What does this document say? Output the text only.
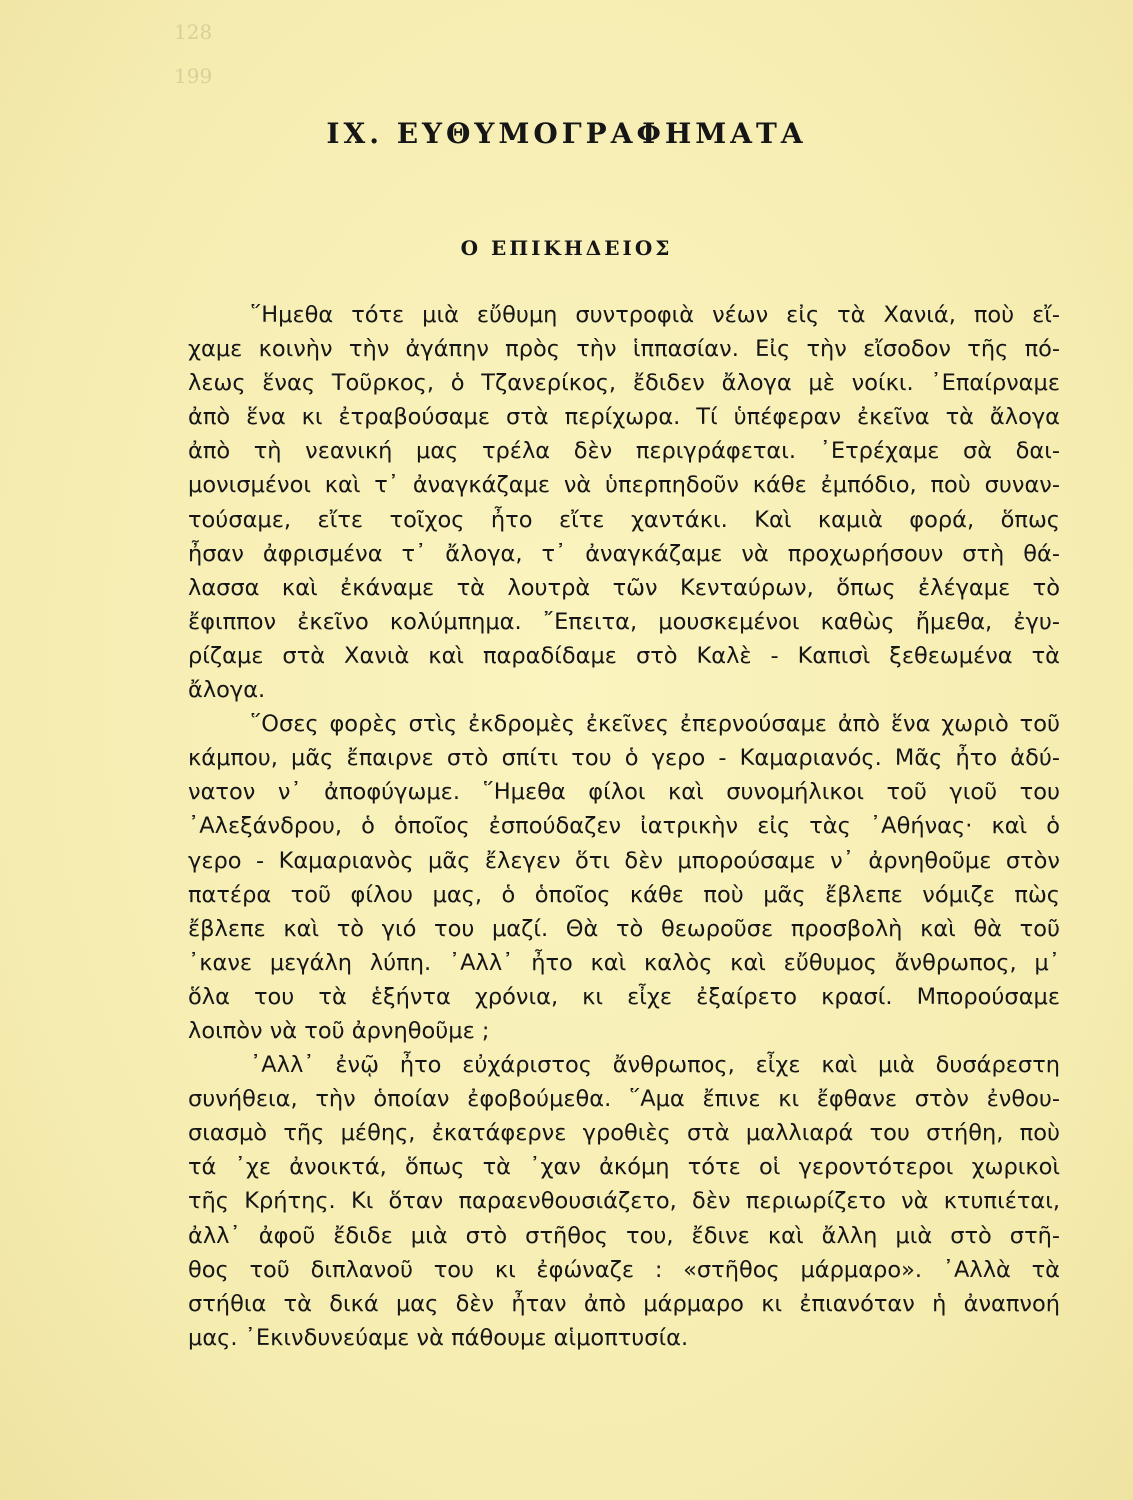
128
199
IX. ΕΥΘΥΜΟΓΡΑΦΗΜΑΤΑ
Ο ΕΠΙΚΗΔΕΙΟΣ
῞Ημεθα τότε μιὰ εὔθυμη συντροφιὰ νέων εἰς τὰ Χανιά, ποὺ εἴ-
χαμε κοινὴν τὴν ἀγάπην πρὸς τὴν ἱππασίαν. Εἰς τὴν εἴσοδον τῆς πό-
λεως ἕνας Τοῦρκος, ὁ Τζανερίκος, ἔδιδεν ἄλογα μὲ νοίκι. ᾿Επαίρναμε
ἀπὸ ἕνα κι ἐτραβούσαμε στὰ περίχωρα. Τί ὑπέφεραν ἐκεῖνα τὰ ἄλογα
ἀπὸ τὴ νεανική μας τρέλα δὲν περιγράφεται. ᾿Ετρέχαμε σὰ δαι-
μονισμένοι καὶ τ᾿ ἀναγκάζαμε νὰ ὑπερπηδοῦν κάθε ἐμπόδιο, ποὺ συναν-
τούσαμε, εἴτε τοῖχος ἦτο εἴτε χαντάκι. Καὶ καμιὰ φορά, ὅπως
ἦσαν ἀφρισμένα τ᾿ ἄλογα, τ᾿ ἀναγκάζαμε νὰ προχωρήσουν στὴ θά-
λασσα καὶ ἐκάναμε τὰ λουτρὰ τῶν Κενταύρων, ὅπως ἐλέγαμε τὸ
ἔφιππον ἐκεῖνο κολύμπημα. ῎Επειτα, μουσκεμένοι καθὼς ἤμεθα, ἐγυ-
ρίζαμε στὰ Χανιὰ καὶ παραδίδαμε στὸ Καλὲ - Καπισὶ ξεθεωμένα τὰ
ἄλογα.
῞Οσες φορὲς στὶς ἐκδρομὲς ἐκεῖνες ἐπερνούσαμε ἀπὸ ἕνα χωριὸ τοῦ
κάμπου, μᾶς ἔπαιρνε στὸ σπίτι του ὁ γερο - Καμαριανός. Μᾶς ἦτο ἀδύ-
νατον ν᾿ ἀποφύγωμε. ῞Ημεθα φίλοι καὶ συνομήλικοι τοῦ γιοῦ του
᾿Αλεξάνδρου, ὁ ὁποῖος ἐσπούδαζεν ἰατρικὴν εἰς τὰς ᾿Αθήνας· καὶ ὁ
γερο - Καμαριανὸς μᾶς ἔλεγεν ὅτι δὲν μπορούσαμε ν᾿ ἀρνηθοῦμε στὸν
πατέρα τοῦ φίλου μας, ὁ ὁποῖος κάθε ποὺ μᾶς ἔβλεπε νόμιζε πὼς
ἔβλεπε καὶ τὸ γιό του μαζί. Θὰ τὸ θεωροῦσε προσβολὴ καὶ θὰ τοῦ
᾿κανε μεγάλη λύπη. ᾿Αλλ᾿ ἦτο καὶ καλὸς καὶ εὔθυμος ἄνθρωπος, μ᾿
ὅλα του τὰ ἑξήντα χρόνια, κι εἶχε ἐξαίρετο κρασί. Μπορούσαμε
λοιπὸν νὰ τοῦ ἀρνηθοῦμε ;
᾿Αλλ᾿ ἐνῷ ἦτο εὐχάριστος ἄνθρωπος, εἶχε καὶ μιὰ δυσάρεστη
συνήθεια, τὴν ὁποίαν ἐφοβούμεθα. ῞Αμα ἔπινε κι ἔφθανε στὸν ἐνθου-
σιασμὸ τῆς μέθης, ἐκατάφερνε γροθιὲς στὰ μαλλιαρά του στήθη, ποὺ
τά ᾿χε ἀνοικτά, ὅπως τὰ ᾿χαν ἀκόμη τότε οἱ γεροντότεροι χωρικοὶ
τῆς Κρήτης. Κι ὅταν παραενθουσιάζετο, δὲν περιωρίζετο νὰ κτυπιέται,
ἀλλ᾿ ἀφοῦ ἔδιδε μιὰ στὸ στῆθος του, ἔδινε καὶ ἄλλη μιὰ στὸ στῆ-
θος τοῦ διπλανοῦ του κι ἐφώναζε : «στῆθος μάρμαρο». ᾿Αλλὰ τὰ
στήθια τὰ δικά μας δὲν ἦταν ἀπὸ μάρμαρο κι ἐπιανόταν ἡ ἀναπνοή
μας. ᾿Εκινδυνεύαμε νὰ πάθουμε αἱμοπτυσία.
